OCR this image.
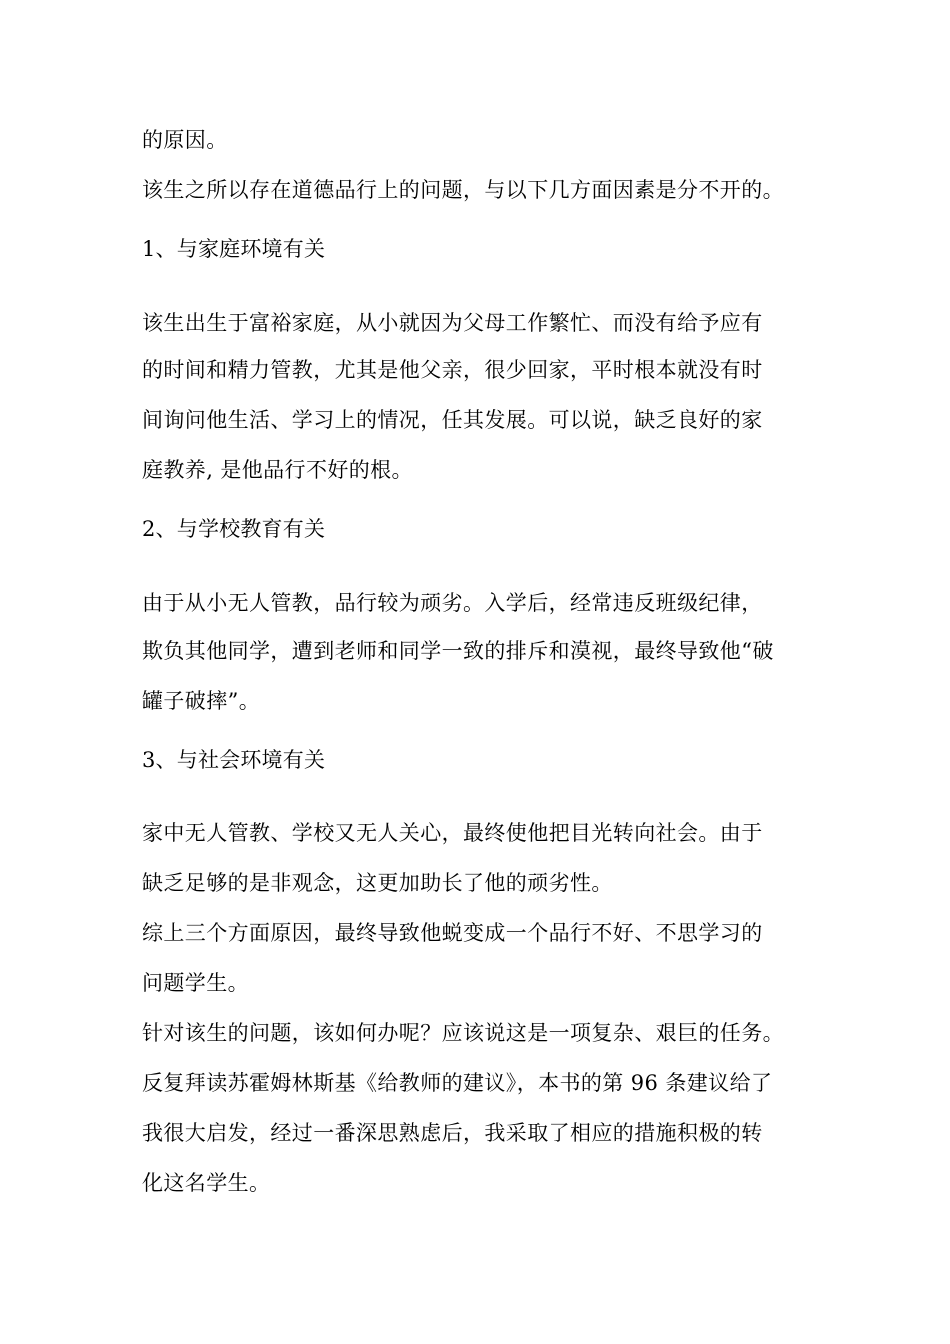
的原因。
该生之所以存在道德品行上的问题，与以下几方面因素是分不开的。
1、与家庭环境有关
该生出生于富裕家庭，从小就因为父母工作繁忙、而没有给予应有
的时间和精力管教，尤其是他父亲，很少回家，平时根本就没有时
间询问他生活、学习上的情况，任其发展。可以说，缺乏良好的家
庭教养, 是他品行不好的根。
2、与学校教育有关
由于从小无人管教，品行较为顽劣。入学后，经常违反班级纪律，
欺负其他同学，遭到老师和同学一致的排斥和漠视，最终导致他“破
罐子破摔”。
3、与社会环境有关
家中无人管教、学校又无人关心，最终使他把目光转向社会。由于
缺乏足够的是非观念，这更加助长了他的顽劣性。
综上三个方面原因，最终导致他蜕变成一个品行不好、不思学习的
问题学生。
针对该生的问题，该如何办呢？应该说这是一项复杂、艰巨的任务。
反复拜读苏霍姆林斯基《给教师的建议》，本书的第 96 条建议给了
我很大启发，经过一番深思熟虑后，我采取了相应的措施积极的转
化这名学生。
